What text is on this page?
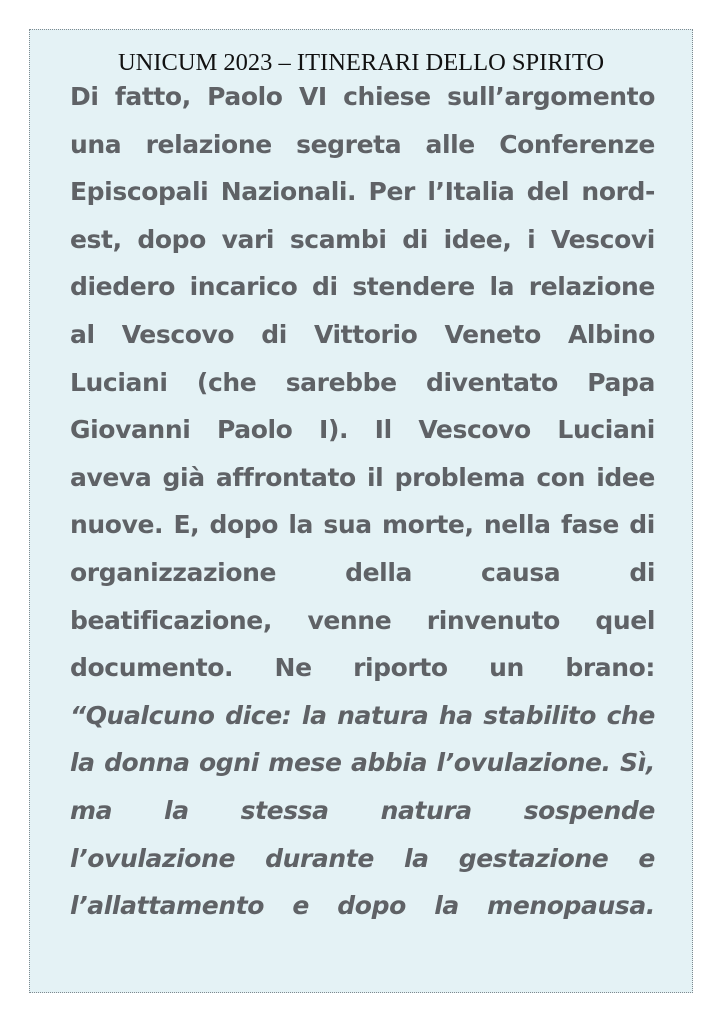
UNICUM 2023 – ITINERARI DELLO SPIRITO
Di fatto, Paolo VI chiese sull’argomento
una relazione segreta alle Conferenze
Episcopali Nazionali. Per l’Italia del nord-
est, dopo vari scambi di idee, i Vescovi
diedero incarico di stendere la relazione
al Vescovo di Vittorio Veneto Albino
Luciani (che sarebbe diventato Papa
Giovanni Paolo I). Il Vescovo Luciani
aveva già affrontato il problema con idee
nuove. E, dopo la sua morte, nella fase di
organizzazione	della	causa	di
beatificazione, venne rinvenuto quel
documento. Ne riporto un brano:
“Qualcuno dice: la natura ha stabilito che
la donna ogni mese abbia l’ovulazione. Sì,
ma la stessa natura sospende
l’ovulazione durante la gestazione e
l’allattamento e dopo la menopausa.
